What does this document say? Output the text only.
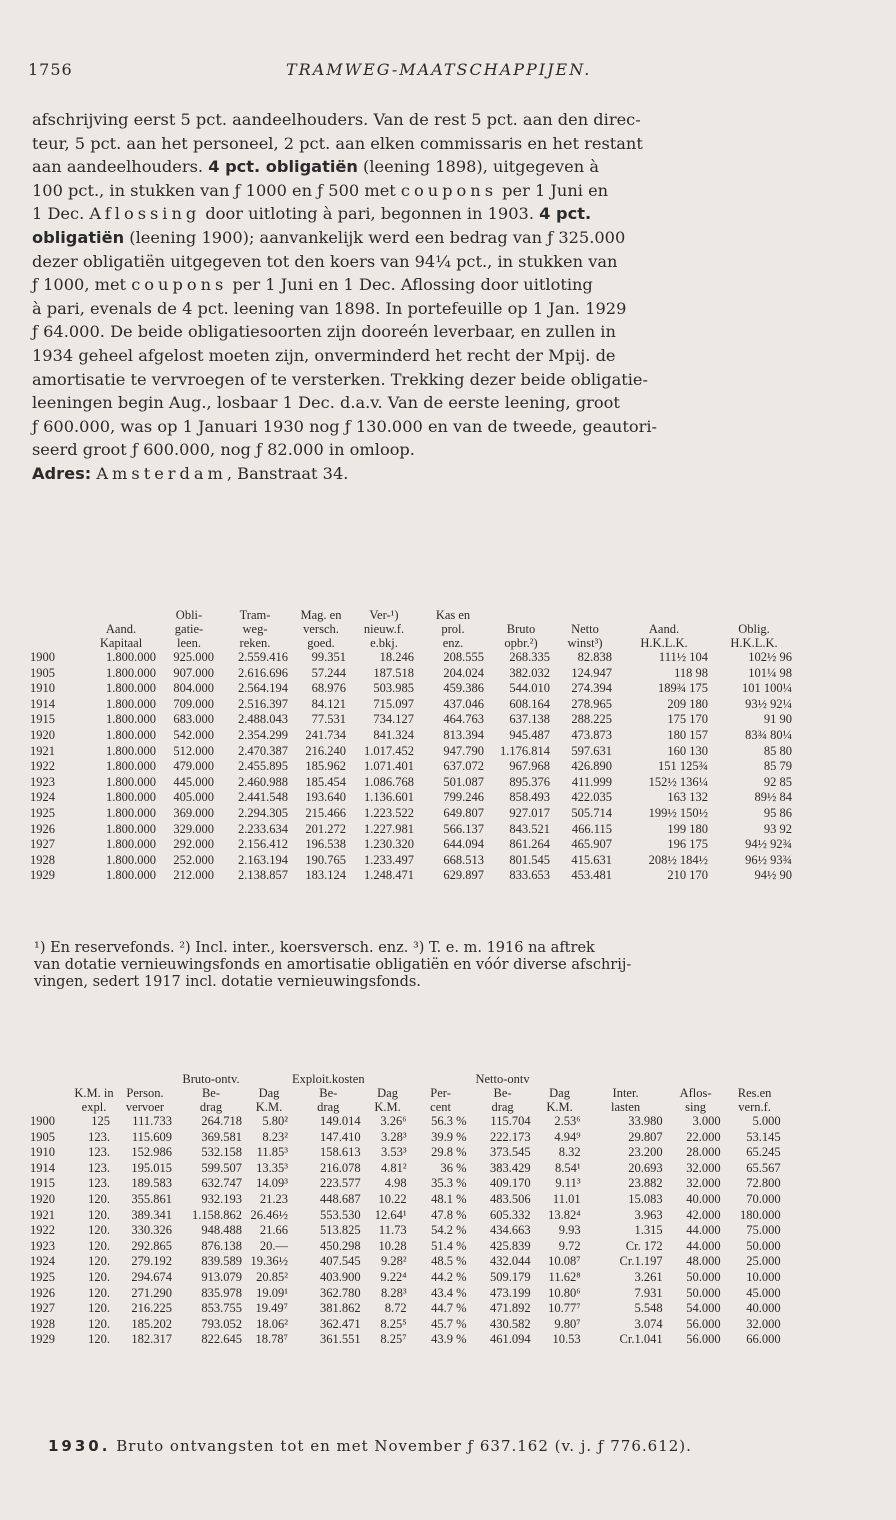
1756	TRAMWEG-MAATSCHAPPIJEN.
afschrijving eerst 5 pct. aandeelhouders. Van de rest 5 pct. aan den direc-
teur, 5 pct. aan het personeel, 2 pct. aan elken commissaris en het restant
aan aandeelhouders. 4 pct. obligatiën (leening 1898), uitgegeven à
100 pct., in stukken van ƒ 1000 en ƒ 500 met coupons per 1 Juni en
1 Dec. Aflossing door uitloting à pari, begonnen in 1903. 4 pct.
obligatiën (leening 1900); aanvankelijk werd een bedrag van ƒ 325.000
dezer obligatiën uitgegeven tot den koers van 94¼ pct., in stukken van
ƒ 1000, met coupons per 1 Juni en 1 Dec. Aflossing door uitloting
à pari, evenals de 4 pct. leening van 1898. In portefeuille op 1 Jan. 1929
ƒ 64.000. De beide obligatiesoorten zijn dooreén leverbaar, en zullen in
1934 geheel afgelost moeten zijn, onverminderd het recht der Mpij. de
amortisatie te vervroegen of te versterken. Trekking dezer beide obligatie-
leeningen begin Aug., losbaar 1 Dec. d.a.v. Van de eerste leening, groot
ƒ 600.000, was op 1 Januari 1930 nog ƒ 130.000 en van de tweede, geautori-
seerd groot ƒ 600.000, nog ƒ 82.000 in omloop.
Adres: Amsterdam, Banstraat 34.
		Obli-	Tram-	Mag. en	Ver-¹)	Kas en				
	Aand.	gatie-	weg-	versch.	nieuw.f.	prol.	Bruto	Netto	Aand.	Oblig.
	Kapitaal	leen.	reken.	goed.	e.bkj.	enz.	opbr.²)	winst³)	H.K.L.K.	H.K.L.K.
1900	1.800.000	925.000	2.559.416	99.351	18.246	208.555	268.335	82.838	111½ 104	102½ 96
1905	1.800.000	907.000	2.616.696	57.244	187.518	204.024	382.032	124.947	118 98	101¼ 98
1910	1.800.000	804.000	2.564.194	68.976	503.985	459.386	544.010	274.394	189¾ 175	101 100¼
1914	1.800.000	709.000	2.516.397	84.121	715.097	437.046	608.164	278.965	209 180	93½ 92¼
1915	1.800.000	683.000	2.488.043	77.531	734.127	464.763	637.138	288.225	175 170	91 90
1920	1.800.000	542.000	2.354.299	241.734	841.324	813.394	945.487	473.873	180 157	83¾ 80¼
1921	1.800.000	512.000	2.470.387	216.240	1.017.452	947.790	1.176.814	597.631	160 130	85 80
1922	1.800.000	479.000	2.455.895	185.962	1.071.401	637.072	967.968	426.890	151 125¾	85 79
1923	1.800.000	445.000	2.460.988	185.454	1.086.768	501.087	895.376	411.999	152½ 136¼	92 85
1924	1.800.000	405.000	2.441.548	193.640	1.136.601	799.246	858.493	422.035	163 132	89½ 84
1925	1.800.000	369.000	2.294.305	215.466	1.223.522	649.807	927.017	505.714	199½ 150½	95 86
1926	1.800.000	329.000	2.233.634	201.272	1.227.981	566.137	843.521	466.115	199 180	93 92
1927	1.800.000	292.000	2.156.412	196.538	1.230.320	644.094	861.264	465.907	196 175	94½ 92¾
1928	1.800.000	252.000	2.163.194	190.765	1.233.497	668.513	801.545	415.631	208½ 184½	96½ 93¾
1929	1.800.000	212.000	2.138.857	183.124	1.248.471	629.897	833.653	453.481	210 170	94½ 90
¹) En reservefonds. ²) Incl. inter., koersversch. enz. ³) T. e. m. 1916 na aftrek
van dotatie vernieuwingsfonds en amortisatie obligatiën en vóór diverse afschrij-
vingen, sedert 1917 incl. dotatie vernieuwingsfonds.
			Bruto-ontv.		Exploit.kosten			Netto-ontv				
	K.M. in	Person.	Be-	Dag	Be-	Dag	Per-	Be-	Dag	Inter.	Aflos-	Res.en
	expl.	vervoer	drag	K.M.	drag	K.M.	cent	drag	K.M.	lasten	sing	vern.f.
1900	125	111.733	264.718	5.80²	149.014	3.26⁶	56.3 %	115.704	2.53⁶	33.980	3.000	5.000
1905	123.	115.609	369.581	8.23²	147.410	3.28³	39.9 %	222.173	4.94⁹	29.807	22.000	53.145
1910	123.	152.986	532.158	11.85³	158.613	3.53³	29.8 %	373.545	8.32	23.200	28.000	65.245
1914	123.	195.015	599.507	13.35³	216.078	4.81²	36 %	383.429	8.54¹	20.693	32.000	65.567
1915	123.	189.583	632.747	14.09³	223.577	4.98	35.3 %	409.170	9.11³	23.882	32.000	72.800
1920	120.	355.861	932.193	21.23	448.687	10.22	48.1 %	483.506	11.01	15.083	40.000	70.000
1921	120.	389.341	1.158.862	26.46½	553.530	12.64¹	47.8 %	605.332	13.82⁴	3.963	42.000	180.000
1922	120.	330.326	948.488	21.66	513.825	11.73	54.2 %	434.663	9.93	1.315	44.000	75.000
1923	120.	292.865	876.138	20.—	450.298	10.28	51.4 %	425.839	9.72	Cr. 172	44.000	50.000
1924	120.	279.192	839.589	19.36½	407.545	9.28²	48.5 %	432.044	10.08⁷	Cr.1.197	48.000	25.000
1925	120.	294.674	913.079	20.85²	403.900	9.22⁴	44.2 %	509.179	11.62⁸	3.261	50.000	10.000
1926	120.	271.290	835.978	19.09¹	362.780	8.28³	43.4 %	473.199	10.80⁶	7.931	50.000	45.000
1927	120.	216.225	853.755	19.49⁷	381.862	8.72	44.7 %	471.892	10.77⁷	5.548	54.000	40.000
1928	120.	185.202	793.052	18.06²	362.471	8.25⁵	45.7 %	430.582	9.80⁷	3.074	56.000	32.000
1929	120.	182.317	822.645	18.78⁷	361.551	8.25⁷	43.9 %	461.094	10.53	Cr.1.041	56.000	66.000
1930. Bruto ontvangsten tot en met November ƒ 637.162 (v. j. ƒ 776.612).
